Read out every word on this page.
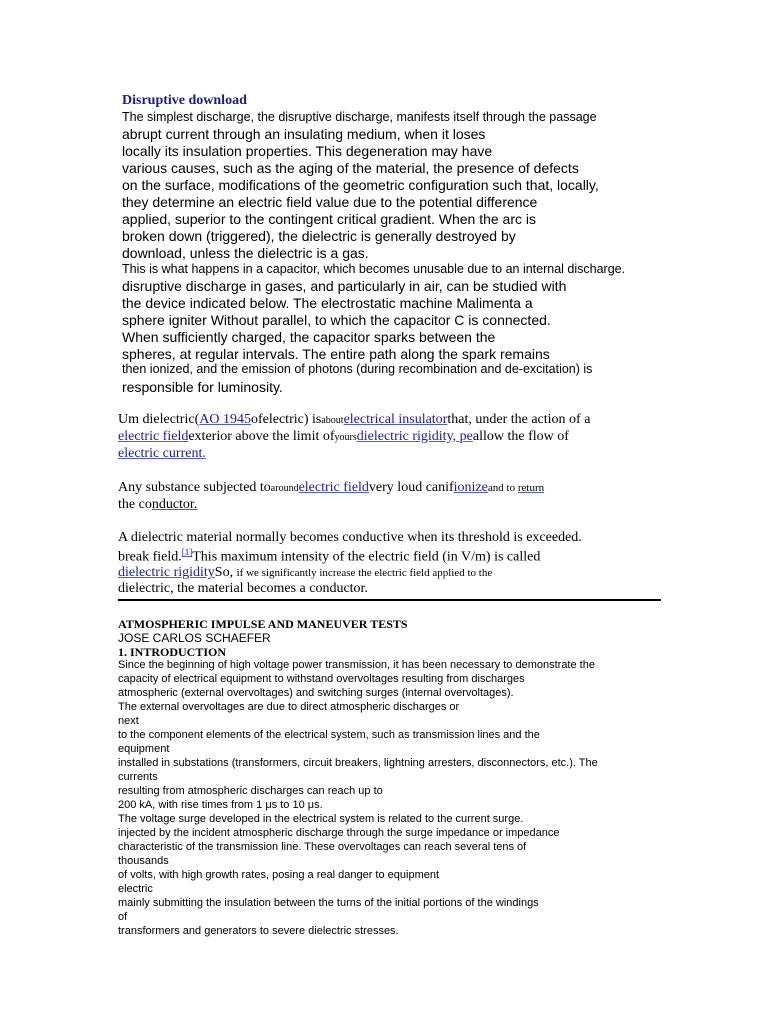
Disruptive download
The simplest discharge, the disruptive discharge, manifests itself through the passage
abrupt current through an insulating medium, when it loses
locally its insulation properties. This degeneration may have
various causes, such as the aging of the material, the presence of defects
on the surface, modifications of the geometric configuration such that, locally,
they determine an electric field value due to the potential difference
applied, superior to the contingent critical gradient. When the arc is
broken down (triggered), the dielectric is generally destroyed by
download, unless the dielectric is a gas.
This is what happens in a capacitor, which becomes unusable due to an internal discharge.
disruptive discharge in gases, and particularly in air, can be studied with
the device indicated below. The electrostatic machine Malimenta a
sphere igniter Without parallel, to which the capacitor C is connected.
When sufficiently charged, the capacitor sparks between the
spheres, at regular intervals. The entire path along the spark remains
then ionized, and the emission of photons (during recombination and de-excitation) is
responsible for luminosity.
Um dielectric(AO 1945ofelectric) isaboutelectrical insulatorthat, under the action of a
electric fieldexterior above the limit ofyoursdielectric rigidity, peallow the flow of
electric current.
Any substance subjected toaroundelectric fieldvery loud canifionizeand to return
the conductor.
A dielectric material normally becomes conductive when its threshold is exceeded.
break field.[1]This maximum intensity of the electric field (in V/m) is called
dielectric rigiditySo, if we significantly increase the electric field applied to the
dielectric, the material becomes a conductor.
ATMOSPHERIC IMPULSE AND MANEUVER TESTS
JOSE CARLOS SCHAEFER
1. INTRODUCTION
Since the beginning of high voltage power transmission, it has been necessary to demonstrate the
capacity of electrical equipment to withstand overvoltages resulting from discharges
atmospheric (external overvoltages) and switching surges (internal overvoltages).
The external overvoltages are due to direct atmospheric discharges or
next
to the component elements of the electrical system, such as transmission lines and the
equipment
installed in substations (transformers, circuit breakers, lightning arresters, disconnectors, etc.). The
currents
resulting from atmospheric discharges can reach up to
200 kA, with rise times from 1 μs to 10 μs.
The voltage surge developed in the electrical system is related to the current surge.
injected by the incident atmospheric discharge through the surge impedance or impedance
characteristic of the transmission line. These overvoltages can reach several tens of
thousands
of volts, with high growth rates, posing a real danger to equipment
electric
mainly submitting the insulation between the turns of the initial portions of the windings
of
transformers and generators to severe dielectric stresses.
